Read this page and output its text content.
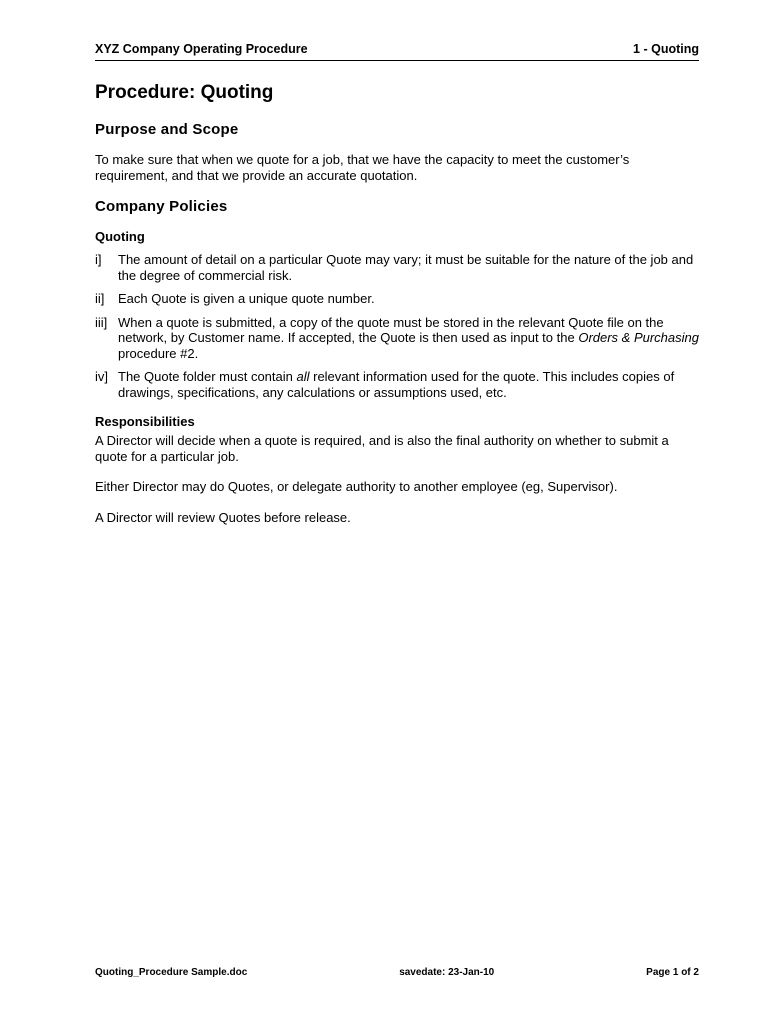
XYZ Company Operating Procedure	1 - Quoting
Procedure: Quoting
Purpose and Scope

To make sure that when we quote for a job, that we have the capacity to meet the customer’s requirement, and that we provide an accurate quotation.

Company Policies
Quoting
i]	The amount of detail on a particular Quote may vary; it must be suitable for the nature of the job and the degree of commercial risk.
ii]	Each Quote is given a unique quote number.
iii] When a quote is submitted, a copy of the quote must be stored in the relevant Quote file on the network, by Customer name. If accepted, the Quote is then used as input to the Orders & Purchasing procedure #2.
iv] The Quote folder must contain all relevant information used for the quote. This includes copies of drawings, specifications, any calculations or assumptions used, etc.
Responsibilities

A Director will decide when a quote is required, and is also the final authority on whether to submit a quote for a particular job.

Either Director may do Quotes, or delegate authority to another employee (eg, Supervisor).

A Director will review Quotes before release.

Quoting_Procedure Sample.doc	savedate: 23-Jan-10	Page 1 of 2
